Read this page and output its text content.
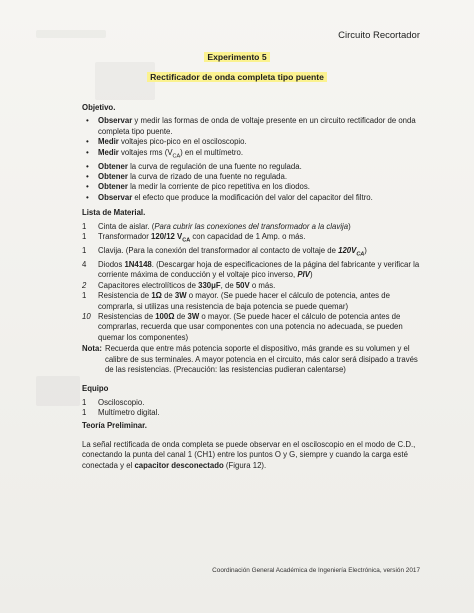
Circuito Recortador
Experimento 5
Rectificador de onda completa tipo puente
Objetivo.
• Observar y medir las formas de onda de voltaje presente en un circuito rectificador de onda completa tipo puente.
• Medir voltajes pico-pico en el osciloscopio.
• Medir voltajes rms $(V_{CA})$ en el multímetro.
• Obtener la curva de regulación de una fuente no regulada.
• Obtener la curva de rizado de una fuente no regulada.
• Obtener la medir la corriente de pico repetitiva en los diodos.
• Observar el efecto que produce la modificación del valor del capacitor del filtro.
Lista de Material.
1	Cinta de aislar. (Para cubrir las conexiones del transformador a la clavija)
1	Transformador 120/12 $V_{CA}$ con capacidad de 1 Amp. o más.
1	Clavija. (Para la conexión del transformador al contacto de voltaje de $120V_{CA}$)
4	Diodos 1N4148. (Descargar hoja de especificaciones de la página del fabricante y verificar la corriente máxima de conducción y el voltaje pico inverso, PIV)
2	Capacitores electrolíticos de 330μF, de 50V o más.
1	Resistencia de 1Ω de 3W o mayor. (Se puede hacer el cálculo de potencia, antes de comprarla, si utilizas una resistencia de baja potencia se puede quemar)
10 Resistencias de 100Ω de 3W o mayor. (Se puede hacer el cálculo de potencia antes de comprarlas, recuerda que usar componentes con una potencia no adecuada, se pueden quemar los componentes)
Nota: Recuerda que entre más potencia soporte el dispositivo, más grande es su volumen y el calibre de sus terminales. A mayor potencia en el circuito, más calor será disipado a través de las resistencias. (Precaución: las resistencias pudieran calentarse)
Equipo
1	Osciloscopio.
1	Multímetro digital.
Teoría Preliminar.
La señal rectificada de onda completa se puede observar en el osciloscopio en el modo de C.D., conectando la punta del canal 1 (CH1) entre los puntos O y G, siempre y cuando la carga esté conectada y el capacitor desconectado (Figura 12).
Coordinación General Académica de Ingeniería Electrónica, versión 2017
